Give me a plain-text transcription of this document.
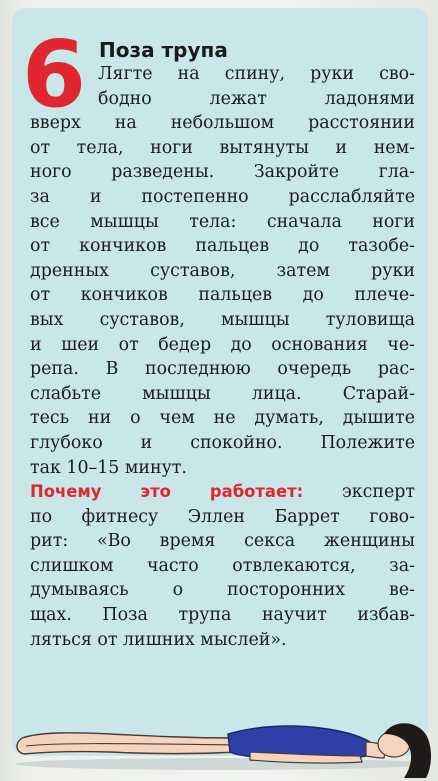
6 Поза трупа
Лягте на спину, руки сво-
бодно лежат ладонями
вверх на небольшом расстоянии
от тела, ноги вытянуты и нем-
ного разведены. Закройте гла-
за и постепенно расслабляйте
все мышцы тела: сначала ноги
от кончиков пальцев до тазобе-
дренных суставов, затем руки
от кончиков пальцев до плече-
вых суставов, мышцы туловища
и шеи от бедер до основания че-
репа. В последнюю очередь рас-
слабьте мышцы лица. Старай-
тесь ни о чем не думать, дышите
глубоко и спокойно. Полежите
так 10–15 минут.
Почему это работает: эксперт
по фитнесу Эллен Баррет гово-
рит: «Во время секса женщины
слишком часто отвлекаются, за-
думываясь о посторонних ве-
щах. Поза трупа научит избав-
ляться от лишних мыслей».
